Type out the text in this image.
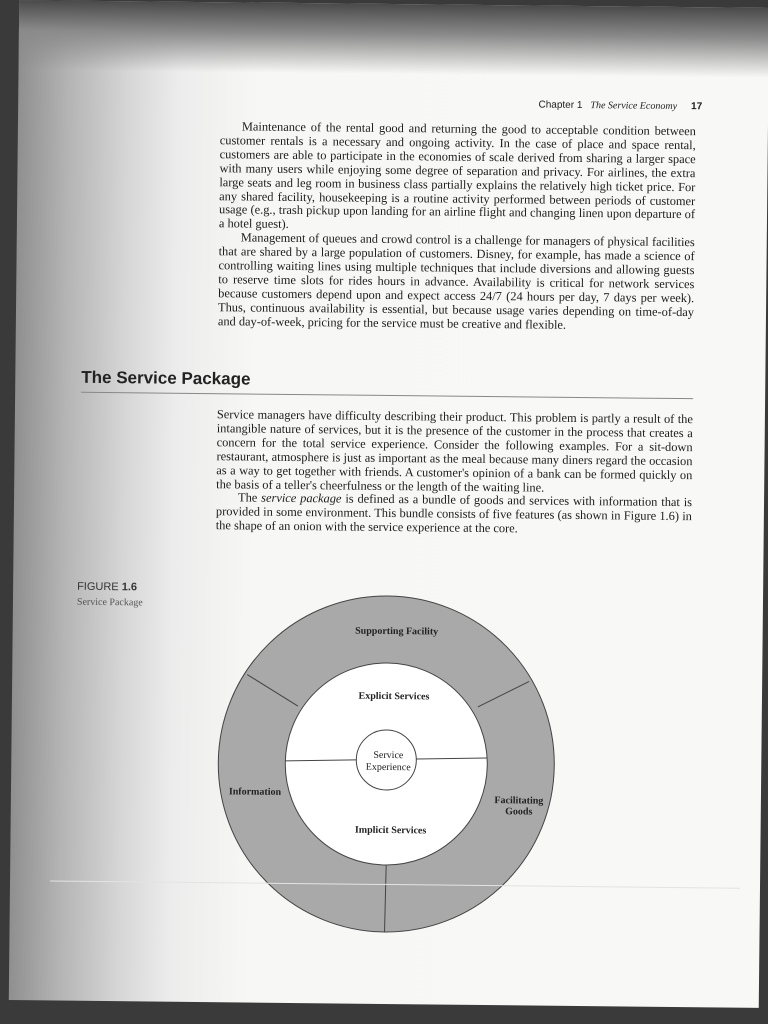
Chapter 1 The Service Economy 17

Maintenance of the rental good and returning the good to acceptable condition between customer rentals is a necessary and ongoing activity. In the case of place and space rental, customers are able to participate in the economies of scale derived from sharing a larger space with many users while enjoying some degree of separation and privacy. For airlines, the extra large seats and leg room in business class partially explains the relatively high ticket price. For any shared facility, housekeeping is a routine activity performed between periods of customer usage (e.g., trash pickup upon landing for an airline flight and changing linen upon departure of a hotel guest).

Management of queues and crowd control is a challenge for managers of physical facilities that are shared by a large population of customers. Disney, for example, has made a science of controlling waiting lines using multiple techniques that include diversions and allowing guests to reserve time slots for rides hours in advance. Availability is critical for network services because customers depend upon and expect access 24/7 (24 hours per day, 7 days per week). Thus, continuous availability is essential, but because usage varies depending on time-of-day and day-of-week, pricing for the service must be creative and flexible.

The Service Package

Service managers have difficulty describing their product. This problem is partly a result of the intangible nature of services, but it is the presence of the customer in the process that creates a concern for the total service experience. Consider the following examples. For a sit-down restaurant, atmosphere is just as important as the meal because many diners regard the occasion as a way to get together with friends. A customer's opinion of a bank can be formed quickly on the basis of a teller's cheerfulness or the length of the waiting line.

The service package is defined as a bundle of goods and services with information that is provided in some environment. This bundle consists of five features (as shown in Figure 1.6) in the shape of an onion with the service experience at the core.

FIGURE 1.6
Service Package
Supporting Facility
Information
Facilitating
Goods
Explicit Services
Implicit Services
Service
Experience
